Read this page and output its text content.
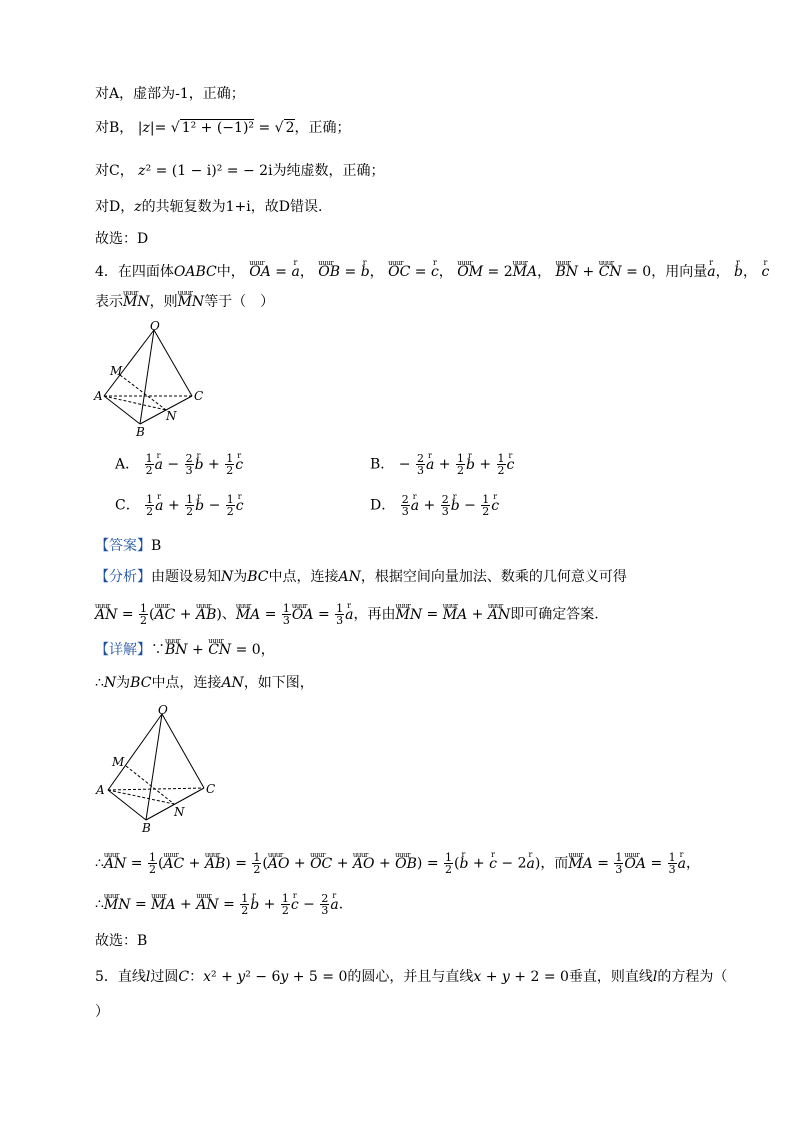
对A，虚部为-1，正确；
对B， |z|= √ 1² + (−1)² = √ 2，正确；
对C， z² = (1 − i)² = − 2i为纯虚数，正确；
对D，z的共轭复数为1+i，故D错误.
故选：D
4．在四面体OABC中， uuur OA = r a， uuur OB = r b， uuur OC = r c， uuur OM = 2uuur MA， uuur BN + uuur CN = 0，用向量r a， r b， r c
表示uuur MN，则uuur MN等于（　）
O
M
A
B
C
N
A． $\frac{1}{2}$ r $a - \frac{2}{3}$ r $b + \frac{1}{2}$ r c	B． − $\frac{2}{3}$ r $a + \frac{1}{2}$ r $b + \frac{1}{2}$ r c
C． $\frac{1}{2}$ r $a + \frac{1}{2}$ r $b - \frac{1}{2}$ r c	D． $\frac{2}{3}$ r $a + \frac{2}{3}$ r $b - \frac{1}{2}$ r c
【答案】B
【分析】由题设易知N为BC中点，连接AN，根据空间向量加法、数乘的几何意义可得
uuur AN = $\frac{1}{2}$ (uuur AC + uuur AB)、uuur MA = $\frac{1}{3}$ uuur OA = $\frac{1}{3}$ r a，再由uuur MN = uuur MA + uuur AN即可确定答案.
【详解】∵uuur BN + uuur CN = 0，
∴N为BC中点，连接AN，如下图，
O
M
A
B
C
N
∴uuur AN = $\frac{1}{2}$ (uuur AC + uuur $AB) = \frac{1}{2}$ (uuur AO + uuur OC + uuur AO + uuur $OB) = \frac{1}{2} (r$ b + r c − 2r a)，而uuur MA = $\frac{1}{3}$ uuur OA = $\frac{1}{3}$ r a，
∴uuur MN = uuur MA + uuur AN = $\frac{1}{2}$ r $b + \frac{1}{2}$ r $c - \frac{2}{3}$ r a.
故选：B
5．直线l过圆C：x² + y² − 6y + 5 = 0的圆心，并且与直线x + y + 2 = 0垂直，则直线l的方程为（
）
